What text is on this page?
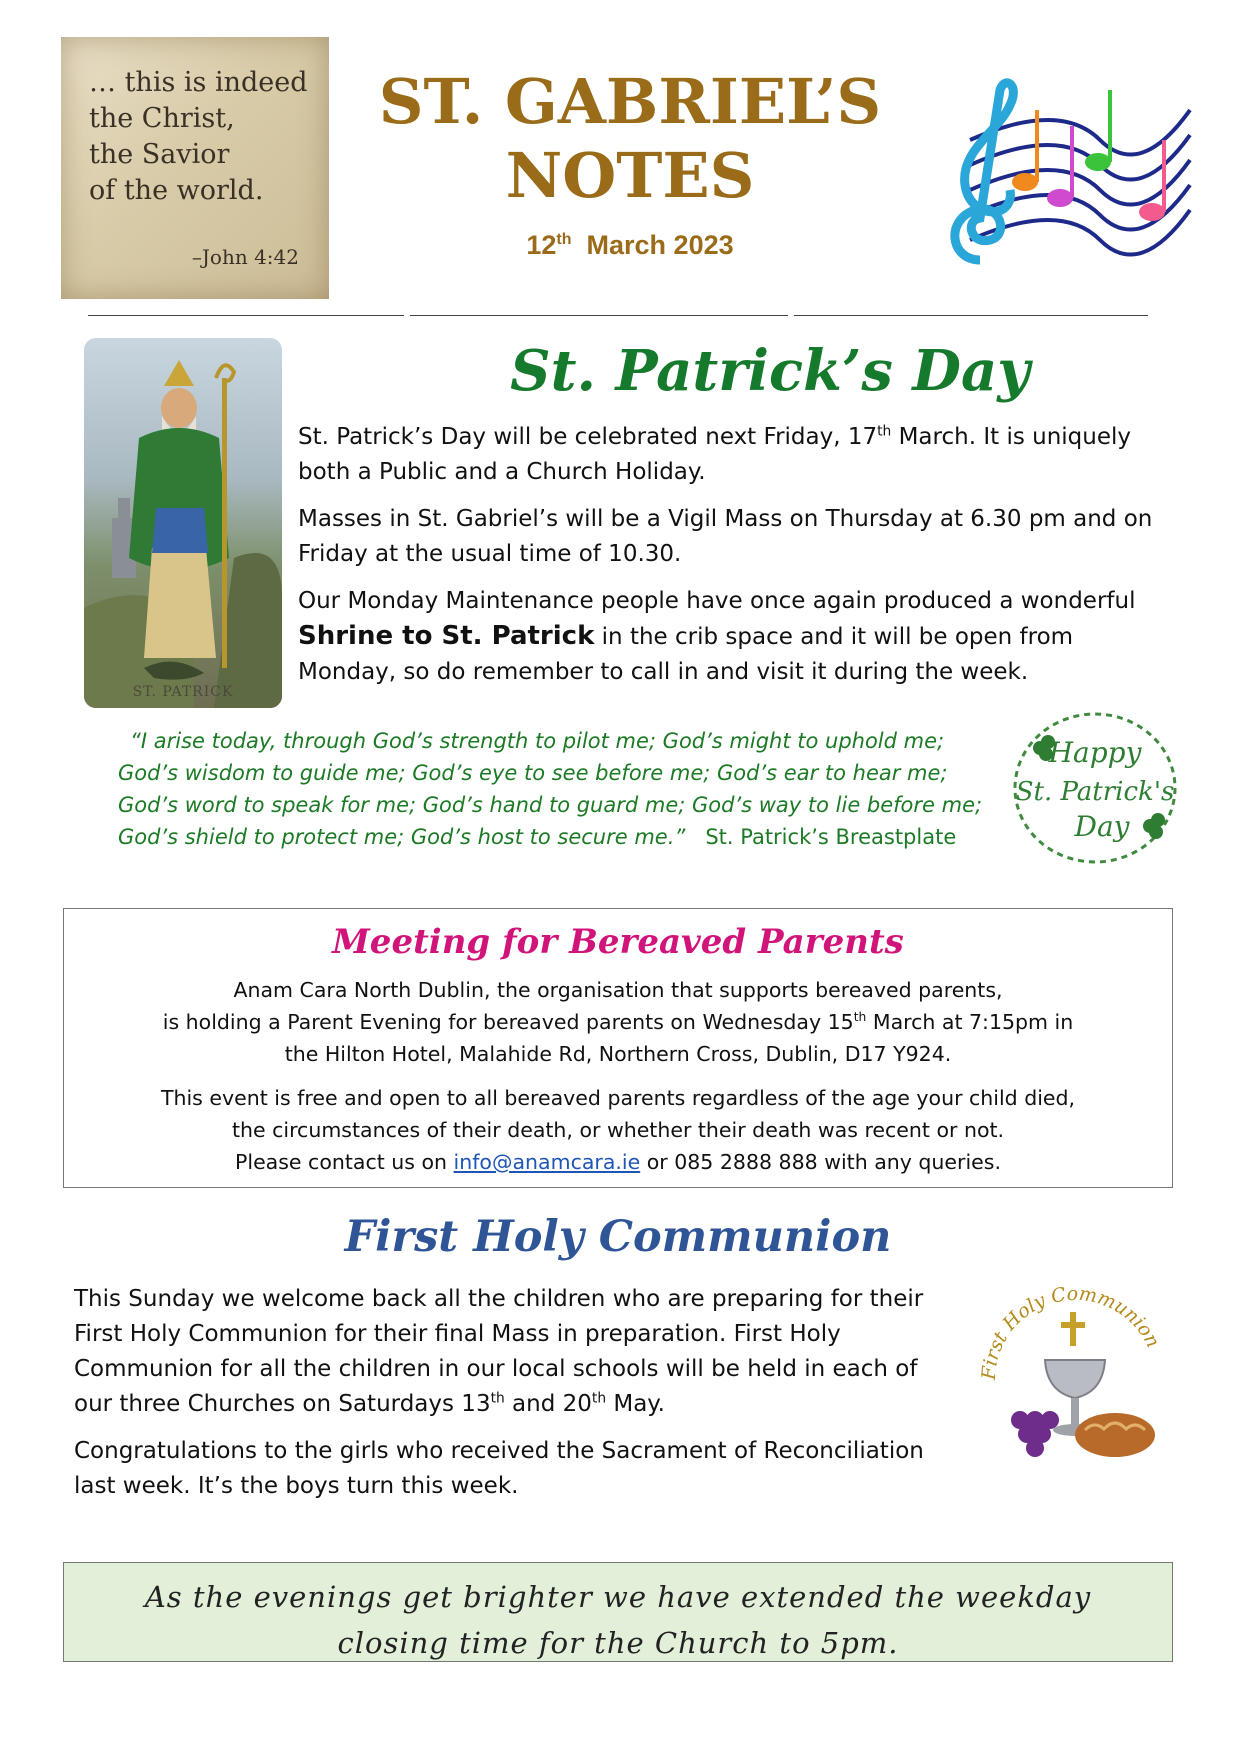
… this is indeed
the Christ,
the Savior
of the world.
–John 4:42
ST. GABRIEL’S
NOTES
12th March 2023
ST. PATRICK
St. Patrick’s Day

St. Patrick’s Day will be celebrated next Friday, 17th March. It is uniquely both a Public and a Church Holiday.

Masses in St. Gabriel’s will be a Vigil Mass on Thursday at 6.30 pm and on Friday at the usual time of 10.30.

Our Monday Maintenance people have once again produced a wonderful Shrine to St. Patrick in the crib space and it will be open from Monday, so do remember to call in and visit it during the week.

“I arise today, through God’s strength to pilot me; God’s might to uphold me;
God’s wisdom to guide me; God’s eye to see before me; God’s ear to hear me;
God’s word to speak for me; God’s hand to guard me; God’s way to lie before me;
God’s shield to protect me; God’s host to secure me.” St. Patrick’s Breastplate
Happy
St. Patrick's
Day
Meeting for Bereaved Parents

Anam Cara North Dublin, the organisation that supports bereaved parents,
is holding a Parent Evening for bereaved parents on Wednesday 15th March at 7:15pm in
the Hilton Hotel, Malahide Rd, Northern Cross, Dublin, D17 Y924.

This event is free and open to all bereaved parents regardless of the age your child died,
the circumstances of their death, or whether their death was recent or not.
Please contact us on info@anamcara.ie or 085 2888 888 with any queries.

First Holy Communion

This Sunday we welcome back all the children who are preparing for their First Holy Communion for their final Mass in preparation. First Holy Communion for all the children in our local schools will be held in each of our three Churches on Saturdays 13th and 20th May.

Congratulations to the girls who received the Sacrament of Reconciliation last week. It’s the boys turn this week.

First Holy Communion
As the evenings get brighter we have extended the weekday
closing time for the Church to 5pm.
